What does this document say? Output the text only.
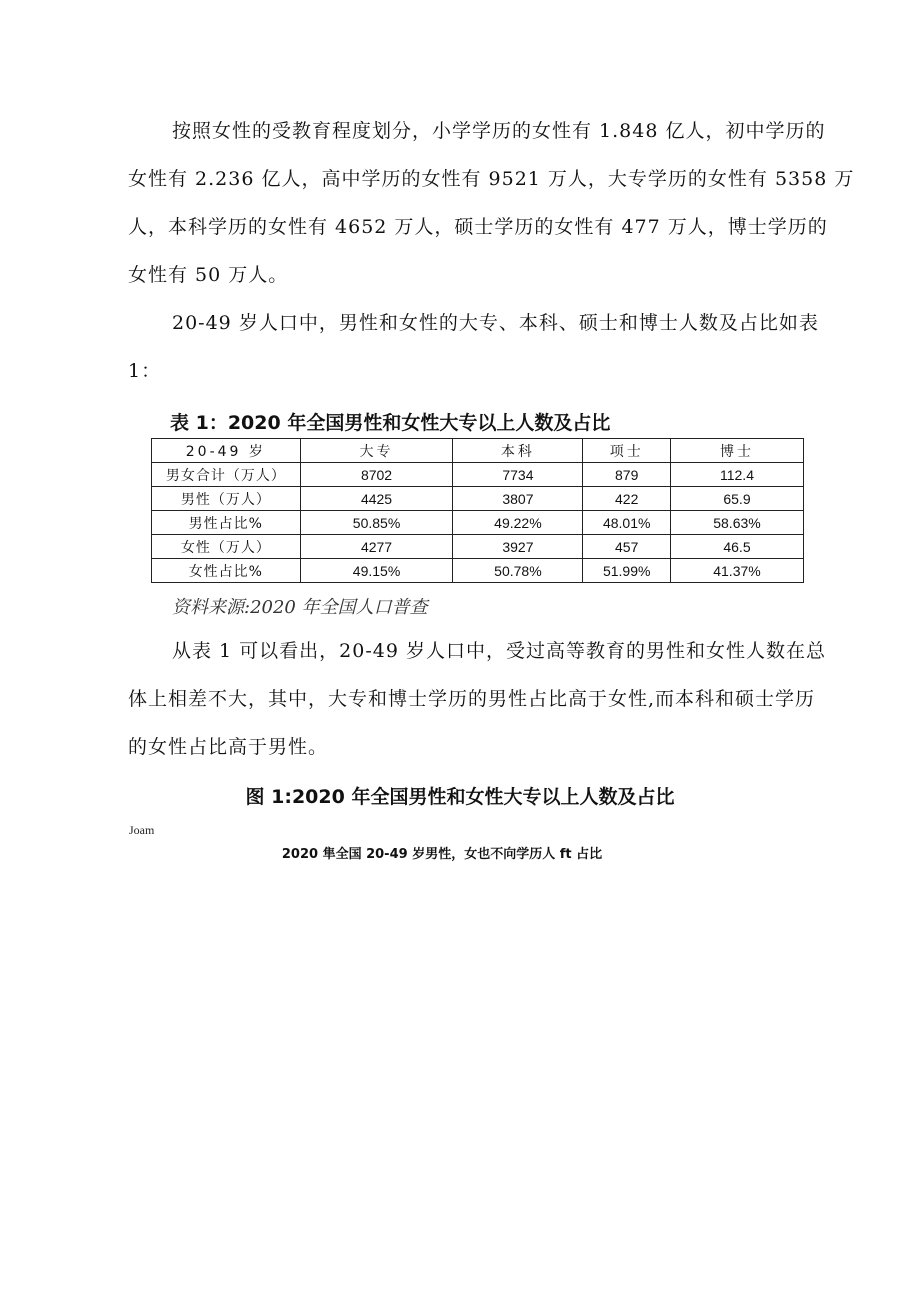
按照女性的受教育程度划分，小学学历的女性有 1.848 亿人，初中学历的
女性有 2.236 亿人，高中学历的女性有 9521 万人，大专学历的女性有 5358 万
人，本科学历的女性有 4652 万人，硕士学历的女性有 477 万人，博士学历的
女性有 50 万人。
20-49 岁人口中，男性和女性的大专、本科、硕士和博士人数及占比如表
1：

表 1：2020 年全国男性和女性大专以上人数及占比

20-49 岁	大专	本科	项士	博士
男女合计（万人）	8702	7734	879	112.4
男性（万人）	4425	3807	422	65.9
男性占比%	50.85%	49.22%	48.01%	58.63%
女性（万人）	4277	3927	457	46.5
女性占比%	49.15%	50.78%	51.99%	41.37%

资料来源:2020 年全国人口普查

从表 1 可以看出，20-49 岁人口中，受过高等教育的男性和女性人数在总
体上相差不大，其中，大专和博士学历的男性占比高于女性,而本科和硕士学历
的女性占比高于男性。

图 1:2020 年全国男性和女性大专以上人数及占比

Joam

2020 隼全国 20-49 岁男性，女也不向学历人 ft 占比
